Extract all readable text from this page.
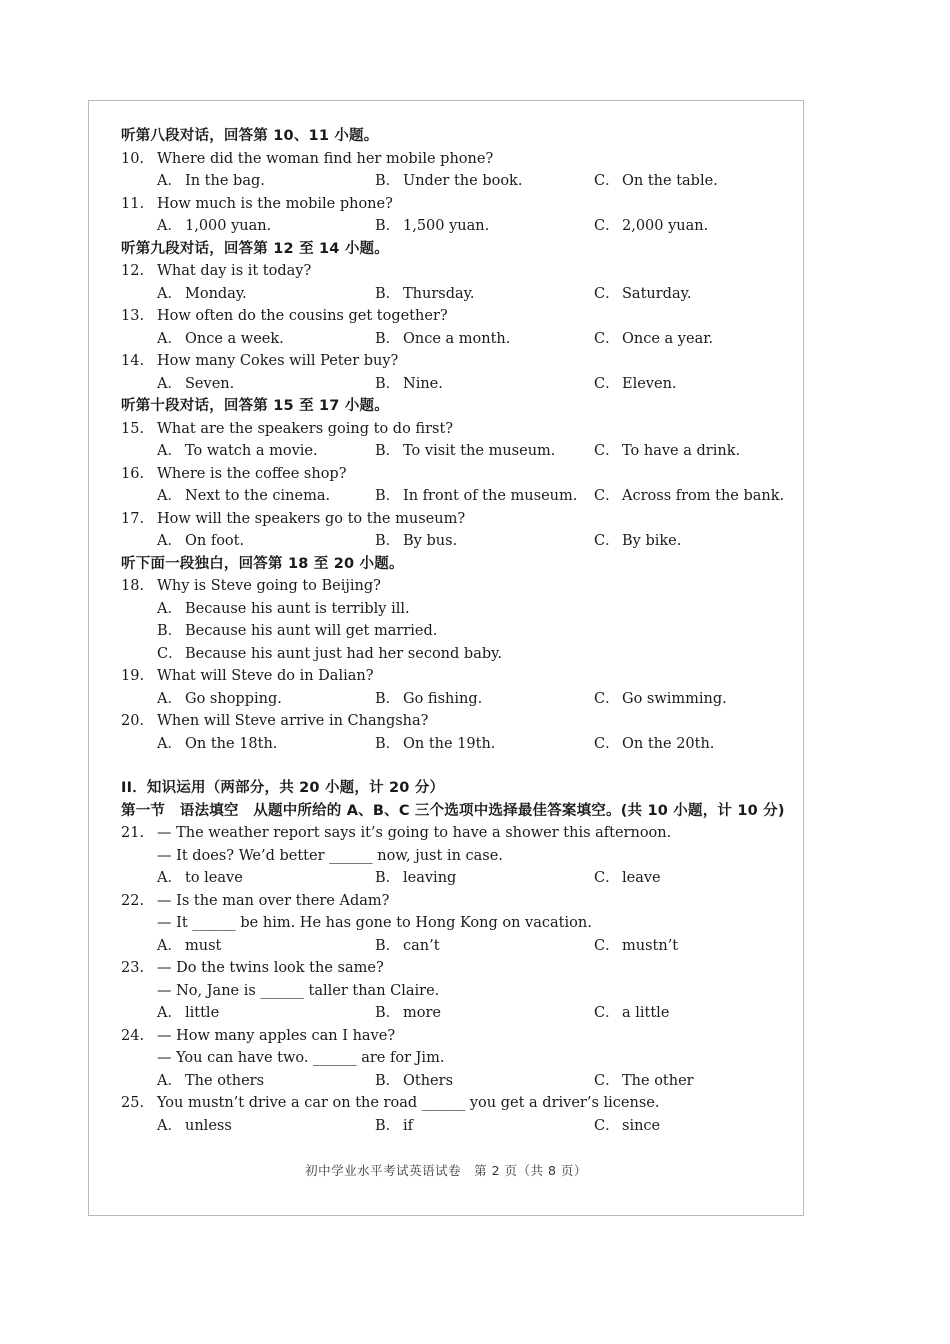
听第八段对话，回答第 10、11 小题。
10. Where did the woman find her mobile phone?
A． In the bag.	B． Under the book.	C． On the table.
11. How much is the mobile phone?
A． 1,000 yuan.	B． 1,500 yuan.	C． 2,000 yuan.
听第九段对话，回答第 12 至 14 小题。
12. What day is it today?
A． Monday.	B． Thursday.	C． Saturday.
13. How often do the cousins get together?
A． Once a week.	B． Once a month.	C． Once a year.
14. How many Cokes will Peter buy?
A． Seven.	B． Nine.	C． Eleven.
听第十段对话，回答第 15 至 17 小题。
15. What are the speakers going to do first?
A． To watch a movie.	B． To visit the museum.	C． To have a drink.
16. Where is the coffee shop?
A． Next to the cinema.	B． In front of the museum. C． Across from the bank.
17. How will the speakers go to the museum?
A． On foot.	B． By bus.	C． By bike.
听下面一段独白，回答第 18 至 20 小题。
18. Why is Steve going to Beijing?
A． Because his aunt is terribly ill.
B． Because his aunt will get married.
C． Because his aunt just had her second baby.
19. What will Steve do in Dalian?
A． Go shopping.	B． Go fishing.	C． Go swimming.
20. When will Steve arrive in Changsha?
A． On the 18th.	B． On the 19th.	C． On the 20th.
II．知识运用（两部分，共 20 小题，计 20 分）
第一节　语法填空　从题中所给的 A、B、C 三个选项中选择最佳答案填空。(共 10 小题，计 10 分)
21. — The weather report says it’s going to have a shower this afternoon.
— It does? We’d better ______ now, just in case.
A． to leave	B． leaving	C． leave
22. — Is the man over there Adam?
— It ______ be him. He has gone to Hong Kong on vacation.
A． must	B． can’t	C． mustn’t
23. — Do the twins look the same?
— No, Jane is ______ taller than Claire.
A． little	B． more	C． a little
24. — How many apples can I have?
— You can have two. ______ are for Jim.
A． The others	B． Others	C． The other
25. You mustn’t drive a car on the road ______ you get a driver’s license.
A． unless	B． if	C． since
初中学业水平考试英语试卷　第 2 页（共 8 页）
